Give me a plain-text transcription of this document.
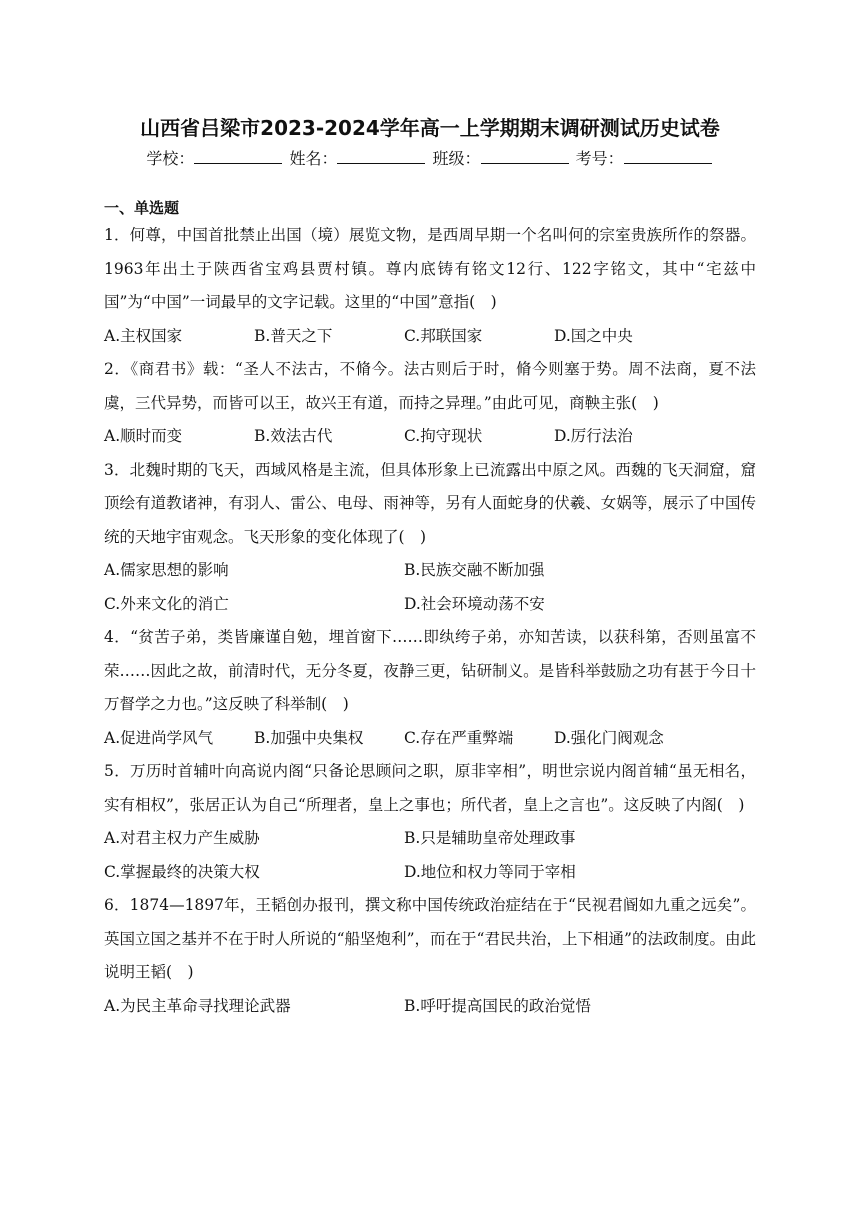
山西省吕梁市2023-2024学年高一上学期期末调研测试历史试卷
学校：	姓名：	班级：	考号：
一、单选题

1．何尊，中国首批禁止出国（境）展览文物，是西周早期一个名叫何的宗室贵族所作的祭器。1963年出土于陕西省宝鸡县贾村镇。尊内底铸有铭文12行、122字铭文，其中“宅兹中国”为“中国”一词最早的文字记载。这里的“中国”意指(　)

A.主权国家	B.普天之下	C.邦联国家	D.国之中央

2．《商君书》载：“圣人不法古，不脩今。法古则后于时，脩今则塞于势。周不法商，夏不法虞，三代异势，而皆可以王，故兴王有道，而持之异理。”由此可见，商鞅主张(　)

A.顺时而变	B.效法古代	C.拘守现状	D.厉行法治

3．北魏时期的飞天，西域风格是主流，但具体形象上已流露出中原之风。西魏的飞天洞窟，窟顶绘有道教诸神，有羽人、雷公、电母、雨神等，另有人面蛇身的伏羲、女娲等，展示了中国传统的天地宇宙观念。飞天形象的变化体现了(　)

A.儒家思想的影响	B.民族交融不断加强
C.外来文化的消亡	D.社会环境动荡不安

4．“贫苦子弟，类皆廉谨自勉，埋首窗下……即纨绔子弟，亦知苦读，以获科第，否则虽富不荣……因此之故，前清时代，无分冬夏，夜静三更，钻研制义。是皆科举鼓励之功有甚于今日十万督学之力也。”这反映了科举制(　)

A.促进尚学风气	B.加强中央集权	C.存在严重弊端	D.强化门阀观念

5．万历时首辅叶向高说内阁“只备论思顾问之职，原非宰相”，明世宗说内阁首辅“虽无相名，实有相权”，张居正认为自己“所理者，皇上之事也；所代者，皇上之言也”。这反映了内阁(　)

A.对君主权力产生威胁	B.只是辅助皇帝处理政事
C.掌握最终的决策大权	D.地位和权力等同于宰相

6．1874—1897年，王韬创办报刊，撰文称中国传统政治症结在于“民视君阍如九重之远矣”。英国立国之基并不在于时人所说的“船坚炮利”，而在于“君民共治，上下相通”的法政制度。由此说明王韬(　)

A.为民主革命寻找理论武器	B.呼吁提高国民的政治觉悟
